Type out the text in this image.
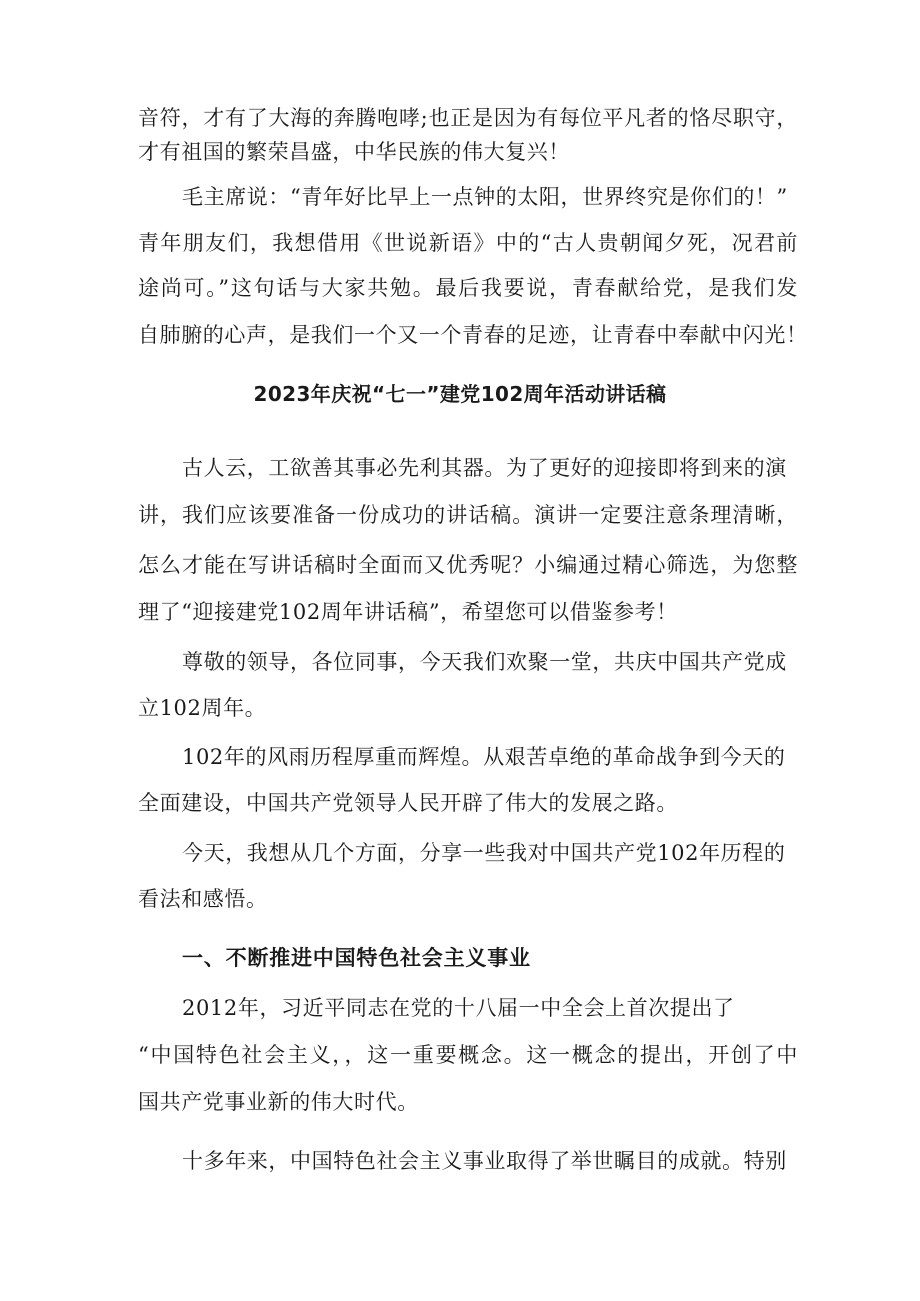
音符，才有了大海的奔腾咆哮;也正是因为有每位平凡者的恪尽职守，

才有祖国的繁荣昌盛，中华民族的伟大复兴！

毛主席说：“青年好比早上一点钟的太阳，世界终究是你们的！”

青年朋友们，我想借用《世说新语》中的“古人贵朝闻夕死，况君前

途尚可。”这句话与大家共勉。最后我要说，青春献给党，是我们发

自肺腑的心声，是我们一个又一个青春的足迹，让青春中奉献中闪光！

2023年庆祝“七一”建党102周年活动讲话稿

古人云，工欲善其事必先利其器。为了更好的迎接即将到来的演

讲，我们应该要准备一份成功的讲话稿。演讲一定要注意条理清晰，

怎么才能在写讲话稿时全面而又优秀呢？小编通过精心筛选，为您整

理了“迎接建党102周年讲话稿”，希望您可以借鉴参考！

尊敬的领导，各位同事，今天我们欢聚一堂，共庆中国共产党成

立102周年。

102年的风雨历程厚重而辉煌。从艰苦卓绝的革命战争到今天的

全面建设，中国共产党领导人民开辟了伟大的发展之路。

今天，我想从几个方面，分享一些我对中国共产党102年历程的

看法和感悟。

一、不断推进中国特色社会主义事业

2012年，习近平同志在党的十八届一中全会上首次提出了

“中国特色社会主义，，这一重要概念。这一概念的提出，开创了中

国共产党事业新的伟大时代。

十多年来，中国特色社会主义事业取得了举世瞩目的成就。特别
